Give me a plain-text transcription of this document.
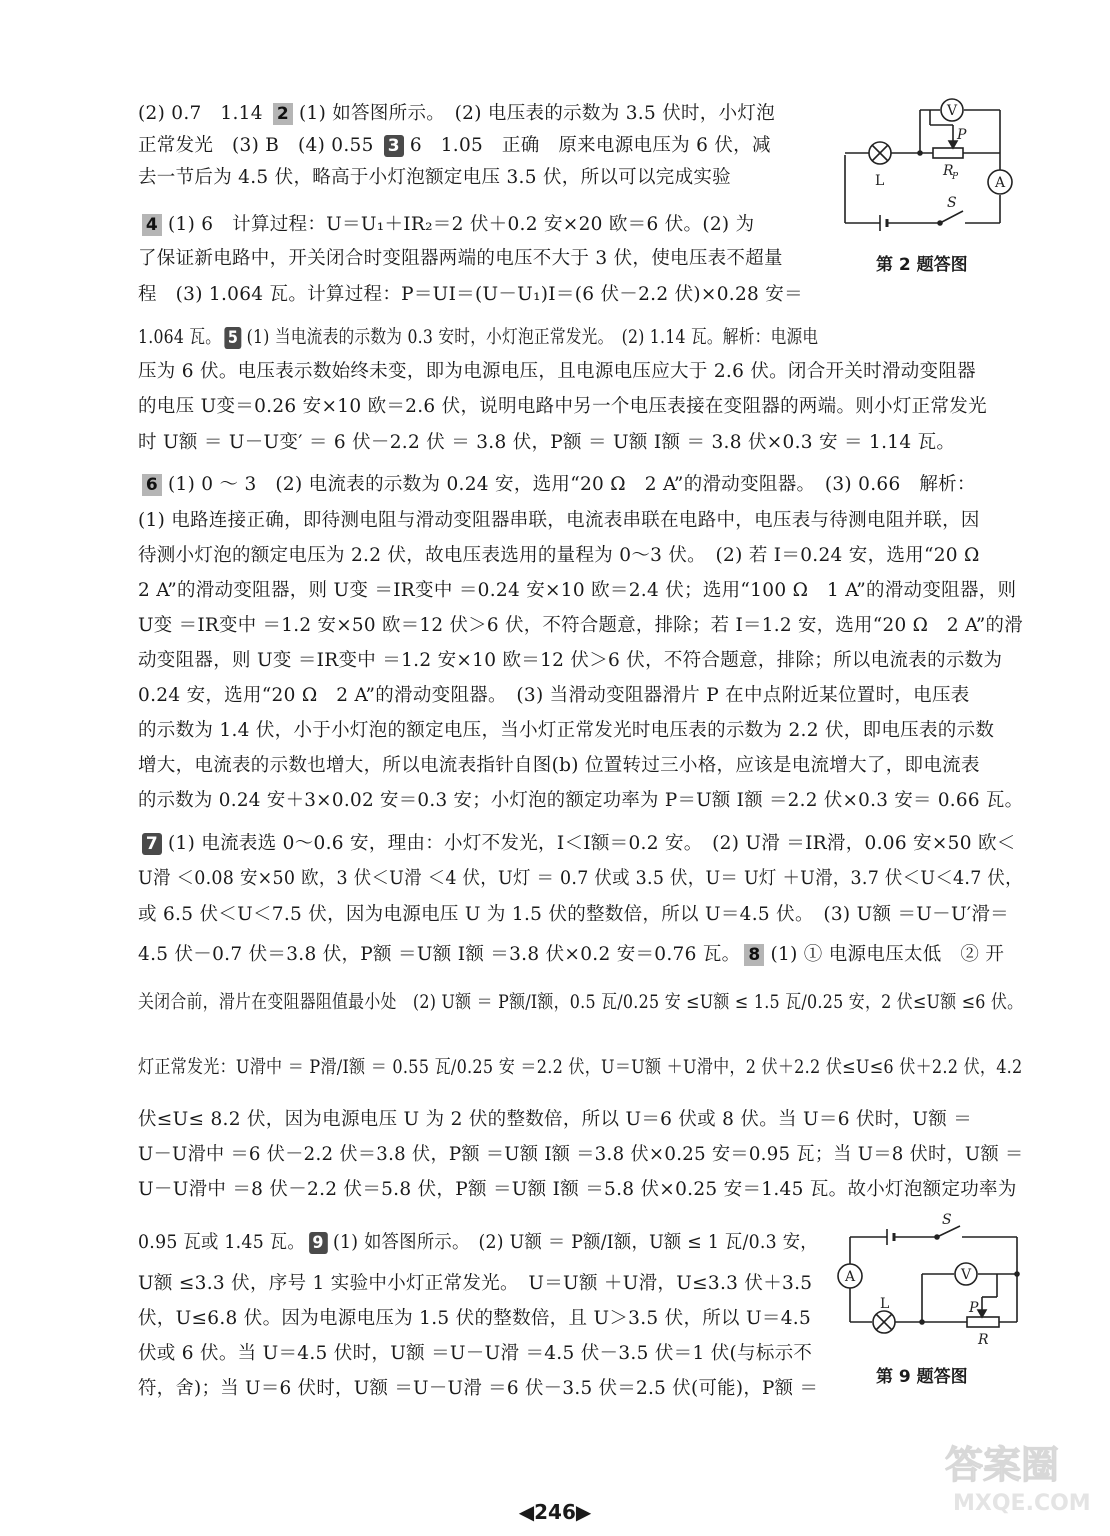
(2) 0.7　1.14 2 (1) 如答图所示。　(2) 电压表的示数为 3.5 伏时，小灯泡
正常发光　(3) B　(4) 0.55 3 6　1.05　正确　原来电源电压为 6 伏，减
去一节后为 4.5 伏，略高于小灯泡额定电压 3.5 伏，所以可以完成实验
4 (1) 6　计算过程：U＝U₁＋IR₂＝2 伏＋0.2 安×20 欧＝6 伏。(2) 为
了保证新电路中，开关闭合时变阻器两端的电压不大于 3 伏，使电压表不超量
程　(3) 1.064 瓦。计算过程：P＝UI＝(U－U₁)I＝(6 伏－2.2 伏)×0.28 安＝
1.064 瓦。 5 (1) 当电流表的示数为 0.3 安时，小灯泡正常发光。　(2) 1.14 瓦。解析：电源电
压为 6 伏。电压表示数始终未变，即为电源电压，且电源电压应大于 2.6 伏。闭合开关时滑动变阻器
的电压 U变＝0.26 安×10 欧＝2.6 伏，说明电路中另一个电压表接在变阻器的两端。则小灯正常发光
时 U额 ＝ U－U变′ ＝ 6 伏－2.2 伏 ＝ 3.8 伏，P额 ＝ U额 I额 ＝ 3.8 伏×0.3 安 ＝ 1.14 瓦。
6 (1) 0 ～ 3　(2) 电流表的示数为 0.24 安，选用“20 Ω　2 A”的滑动变阻器。　(3) 0.66　解析：
(1) 电路连接正确，即待测电阻与滑动变阻器串联，电流表串联在电路中，电压表与待测电阻并联，因
待测小灯泡的额定电压为 2.2 伏，故电压表选用的量程为 0～3 伏。　(2) 若 I＝0.24 安，选用“20 Ω
2 A”的滑动变阻器，则 U变 ＝IR变中 ＝0.24 安×10 欧＝2.4 伏；选用“100 Ω　1 A”的滑动变阻器，则
U变 ＝IR变中 ＝1.2 安×50 欧＝12 伏＞6 伏，不符合题意，排除；若 I＝1.2 安，选用“20 Ω　2 A”的滑
动变阻器，则 U变 ＝IR变中 ＝1.2 安×10 欧＝12 伏＞6 伏，不符合题意，排除；所以电流表的示数为
0.24 安，选用“20 Ω　2 A”的滑动变阻器。　(3) 当滑动变阻器滑片 P 在中点附近某位置时，电压表
的示数为 1.4 伏，小于小灯泡的额定电压，当小灯正常发光时电压表的示数为 2.2 伏，即电压表的示数
增大，电流表的示数也增大，所以电流表指针自图(b) 位置转过三小格，应该是电流增大了，即电流表
的示数为 0.24 安＋3×0.02 安＝0.3 安；小灯泡的额定功率为 P＝U额 I额 ＝2.2 伏×0.3 安＝ 0.66 瓦。
7 (1) 电流表选 0～0.6 安，理由：小灯不发光，I＜I额＝0.2 安。　(2) U滑 ＝IR滑，0.06 安×50 欧＜
U滑 ＜0.08 安×50 欧，3 伏＜U滑 ＜4 伏，U灯 ＝ 0.7 伏或 3.5 伏，U＝ U灯 ＋U滑，3.7 伏＜U＜4.7 伏，
或 6.5 伏＜U＜7.5 伏，因为电源电压 U 为 1.5 伏的整数倍，所以 U＝4.5 伏。　(3) U额 ＝U－U′滑＝
4.5 伏－0.7 伏＝3.8 伏，P额 ＝U额 I额 ＝3.8 伏×0.2 安＝0.76 瓦。 8 (1) ① 电源电压太低　② 开
关闭合前，滑片在变阻器阻值最小处　(2) U额 ＝ P额/I额，0.5 瓦/0.25 安 ≤U额 ≤ 1.5 瓦/0.25 安，2 伏≤U额 ≤6 伏。
灯正常发光：U滑中 ＝ P滑/I额 ＝ 0.55 瓦/0.25 安 ＝2.2 伏，U＝U额 ＋U滑中，2 伏＋2.2 伏≤U≤6 伏＋2.2 伏，4.2
伏≤U≤ 8.2 伏，因为电源电压 U 为 2 伏的整数倍，所以 U＝6 伏或 8 伏。当 U＝6 伏时，U额 ＝
U－U滑中 ＝6 伏－2.2 伏＝3.8 伏，P额 ＝U额 I额 ＝3.8 伏×0.25 安＝0.95 瓦；当 U＝8 伏时，U额 ＝
U－U滑中 ＝8 伏－2.2 伏＝5.8 伏，P额 ＝U额 I额 ＝5.8 伏×0.25 安＝1.45 瓦。故小灯泡额定功率为
0.95 瓦或 1.45 瓦。 9 (1) 如答图所示。　(2) U额 ＝ P额/I额，U额 ≤ 1 瓦/0.3 安，
U额 ≤3.3 伏，序号 1 实验中小灯正常发光。　U＝U额 ＋U滑，U≤3.3 伏＋3.5
伏，U≤6.8 伏。因为电源电压为 1.5 伏的整数倍，且 U＞3.5 伏，所以 U＝4.5
伏或 6 伏。当 U＝4.5 伏时，U额 ＝U－U滑 ＝4.5 伏－3.5 伏＝1 伏(与标示不
符，舍)；当 U＝6 伏时，U额 ＝U－U滑 ＝6 伏－3.5 伏＝2.5 伏(可能)，P额 ＝
V
A
L
P
R
P
S
第 2 题答图
V
A
L	P
R
S
第 9 题答图
◀246▶
答案圈
MXQE.COM
